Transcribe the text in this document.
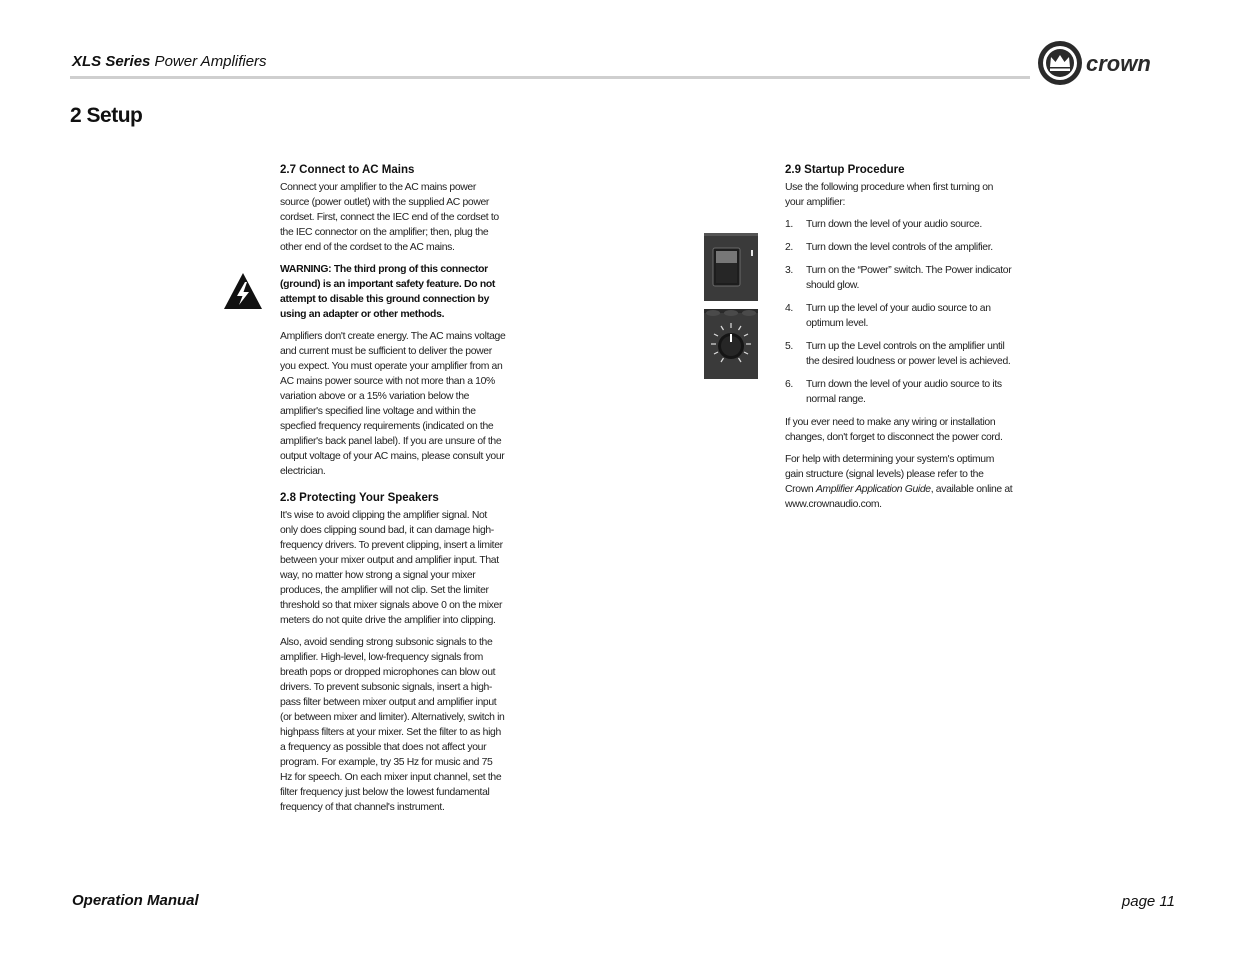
XLS Series Power Amplifiers	crown
2 Setup
2.7 Connect to AC Mains

Connect your amplifier to the AC mains power source (power outlet) with the supplied AC power cordset. First, connect the IEC end of the cordset to the IEC connector on the amplifier; then, plug the other end of the cordset to the AC mains.

WARNING: The third prong of this connector (ground) is an important safety feature. Do not attempt to disable this ground connection by using an adapter or other methods.

Amplifiers don't create energy. The AC mains voltage and current must be sufficient to deliver the power you expect. You must operate your amplifier from an AC mains power source with not more than a 10% variation above or a 15% variation below the amplifier's specified line voltage and within the specfied frequency requirements (indicated on the amplifier's back panel label). If you are unsure of the output voltage of your AC mains, please consult your electrician.

2.8 Protecting Your Speakers

It's wise to avoid clipping the amplifier signal. Not only does clipping sound bad, it can damage high-frequency drivers. To prevent clipping, insert a limiter between your mixer output and amplifier input. That way, no matter how strong a signal your mixer produces, the amplifier will not clip. Set the limiter threshold so that mixer signals above 0 on the mixer meters do not quite drive the amplifier into clipping.

Also, avoid sending strong subsonic signals to the amplifier. High-level, low-frequency signals from breath pops or dropped microphones can blow out drivers. To prevent subsonic signals, insert a high-pass filter between mixer output and amplifier input (or between mixer and limiter). Alternatively, switch in highpass filters at your mixer. Set the filter to as high a frequency as possible that does not affect your program. For example, try 35 Hz for music and 75 Hz for speech. On each mixer input channel, set the filter frequency just below the lowest fundamental frequency of that channel's instrument.

2.9 Startup Procedure

Use the following procedure when first turning on your amplifier:

1.	Turn down the level of your audio source.
2.	Turn down the level controls of the amplifier.
3.	Turn on the “Power” switch. The Power indicator should glow.
4.	Turn up the level of your audio source to an optimum level.
5.	Turn up the Level controls on the amplifier until the desired loudness or power level is achieved.
6.	Turn down the level of your audio source to its normal range.

If you ever need to make any wiring or installation changes, don't forget to disconnect the power cord.

For help with determining your system's optimum gain structure (signal levels) please refer to the Crown Amplifier Application Guide, available online at www.crownaudio.com.

Operation Manual	page 11
